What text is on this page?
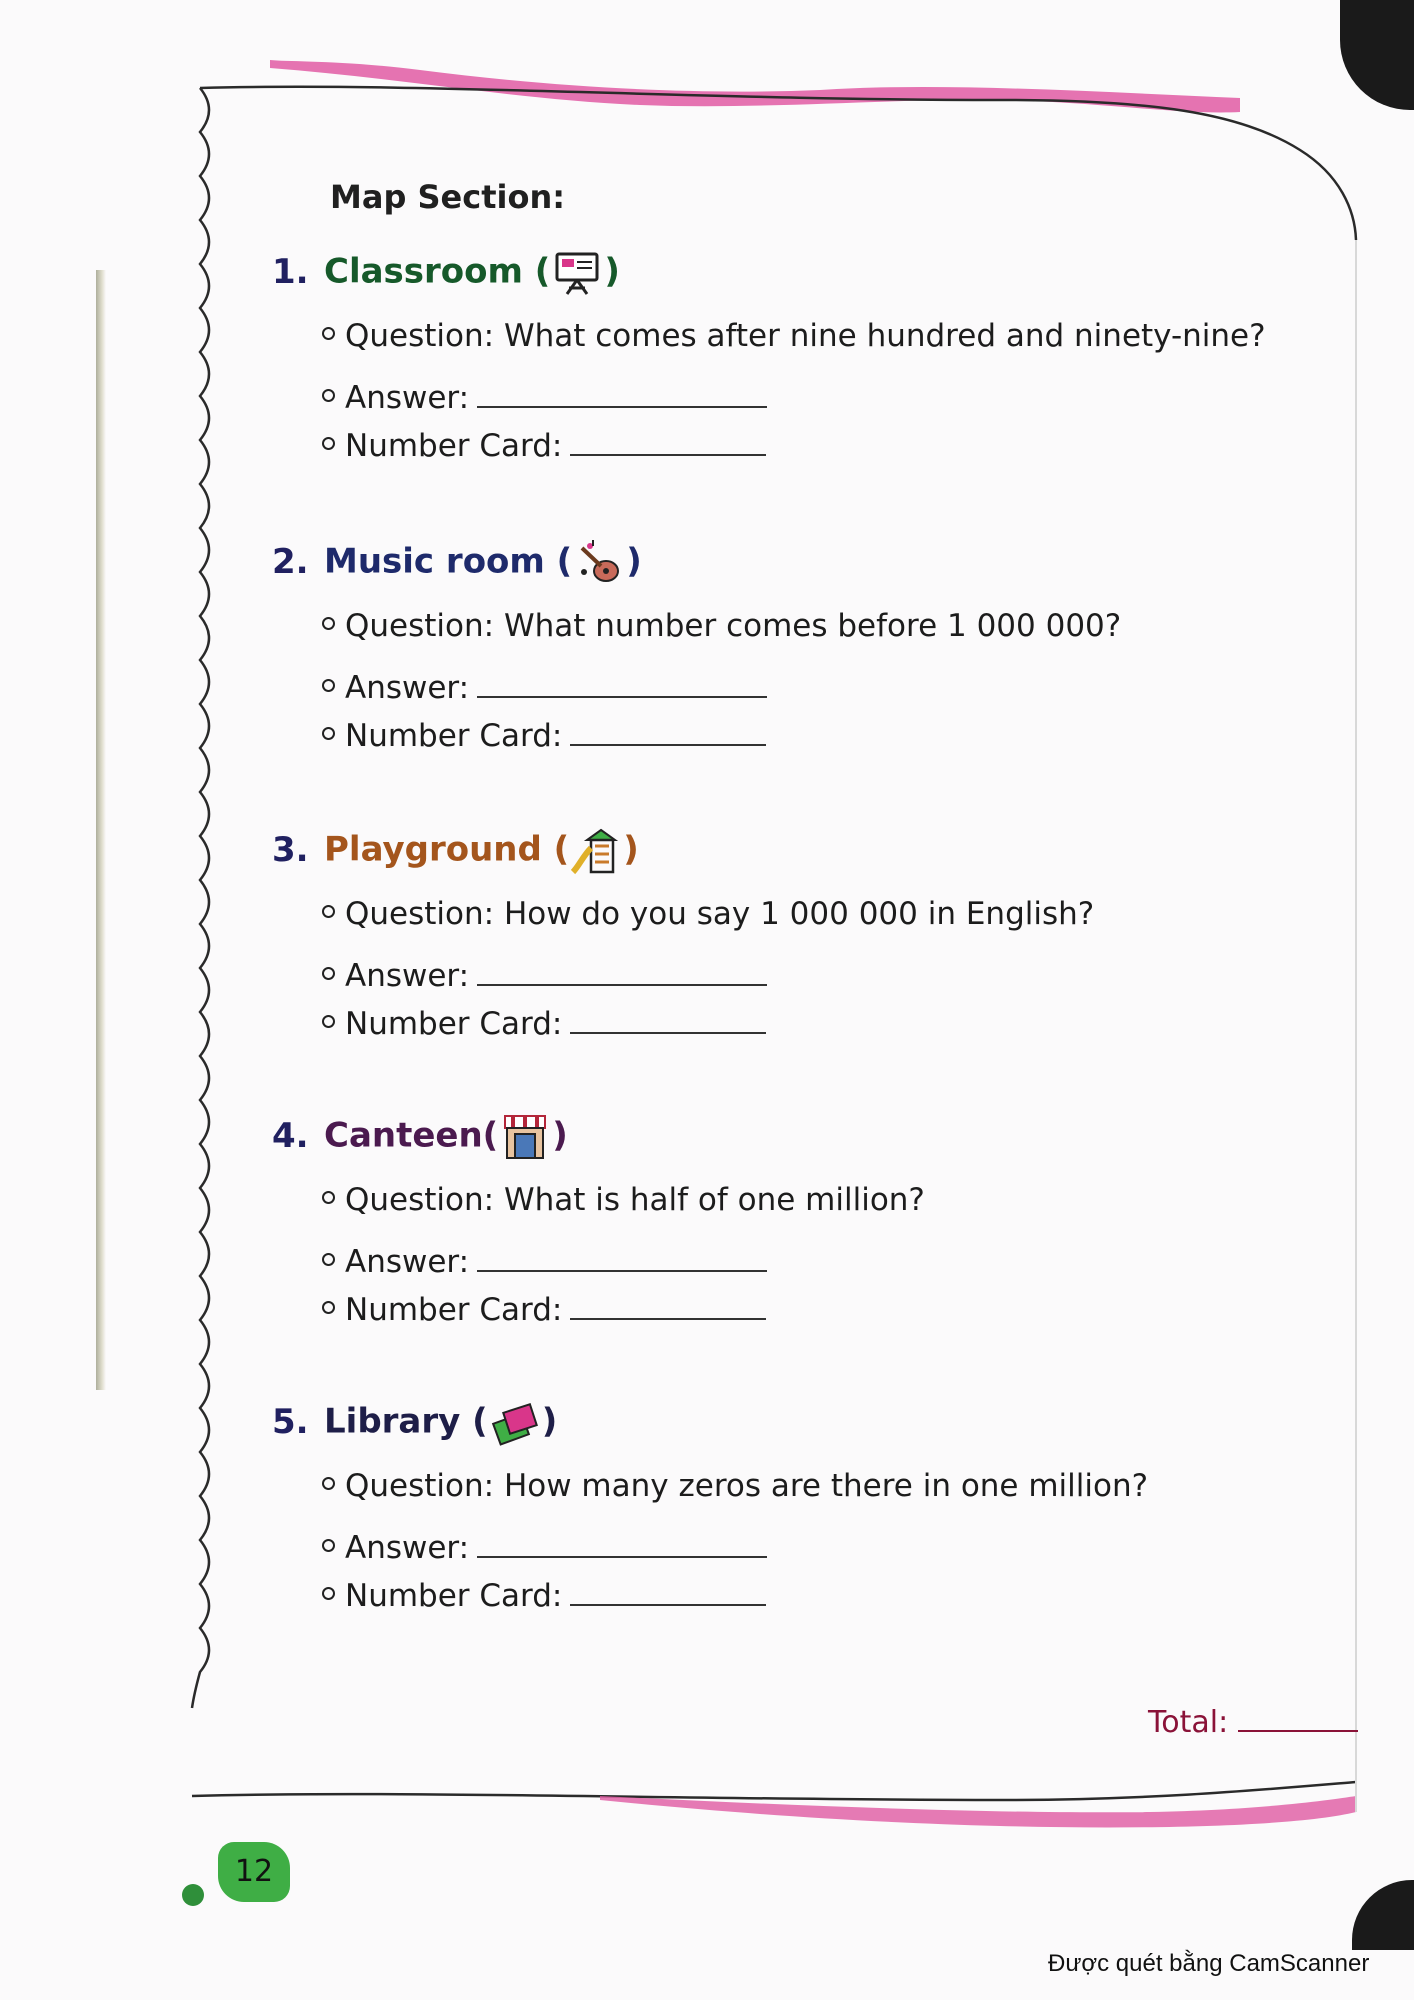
Map Section:
1. Classroom ( )
Question: What comes after nine hundred and ninety-nine?
Answer:
Number Card:
2. Music room ( )
Question: What number comes before 1 000 000?
Answer:
Number Card:
3. Playground ( )
Question: How do you say 1 000 000 in English?
Answer:
Number Card:
4. Canteen( )
Question: What is half of one million?
Answer:
Number Card:
5. Library ( )
Question: How many zeros are there in one million?
Answer:
Number Card:
Total:
12
Được quét bằng CamScanner
